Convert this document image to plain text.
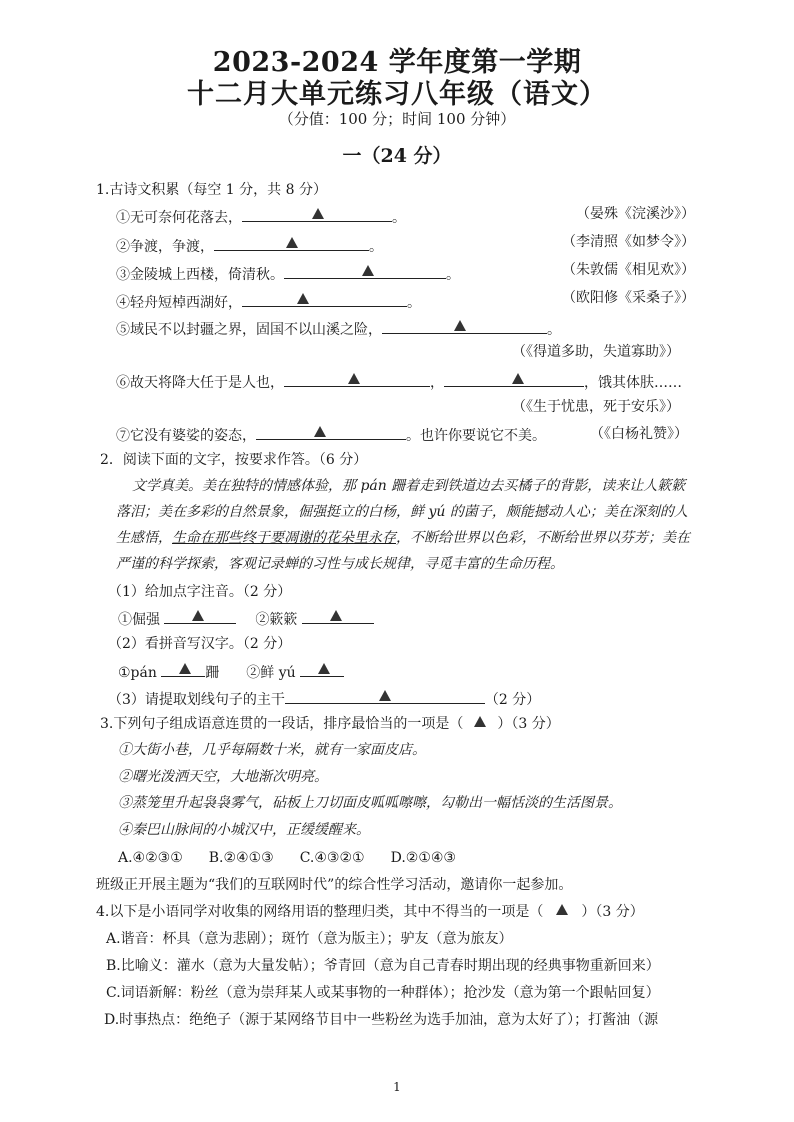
2023-2024 学年度第一学期
十二月大单元练习八年级（语文）
（分值：100 分；时间 100 分钟）
一（24 分）
1.古诗文积累（每空 1 分，共 8 分）
①无可奈何花落去，	。	（晏殊《浣溪沙》）
②争渡，争渡，	。	（李清照《如梦令》）
③金陵城上西楼，倚清秋。	。	（朱敦儒《相见欢》）
④轻舟短棹西湖好，	。	（欧阳修《采桑子》）
⑤域民不以封疆之界，固国不以山溪之险，	。
（《得道多助，失道寡助》）
⑥故天将降大任于是人也，	，	，饿其体肤……
（《生于忧患，死于安乐》）
⑦它没有婆娑的姿态，	。也许你要说它不美。	（《白杨礼赞》）
2．阅读下面的文字，按要求作答。（6 分）
文学真美。美在独特的情感体验，那 pán 跚着走到铁道边去买橘子的背影，读来让人簌簌
落泪；美在多彩的自然景象，倔强挺立的白杨，鲜 yú 的菌子，颇能撼动人心；美在深刻的人
生感悟，生命在那些终于要凋谢的花朵里永存，不断给世界以色彩，不断给世界以芬芳；美在
严谨的科学探索，客观记录蝉的习性与成长规律，寻觅丰富的生命历程。
（1）给加点字注音。（2 分）
①倔强	②簌簌
（2）看拼音写汉字。（2 分）
①pán	跚 ②鲜 yú
（3）请提取划线句子的主干	（2 分）
3.下列句子组成语意连贯的一段话，排序最恰当的一项是（ ）（3 分）
①大街小巷，几乎每隔数十米，就有一家面皮店。
②曙光泼洒天空，大地渐次明亮。
③蒸笼里升起袅袅雾气，砧板上刀切面皮呱呱嚓嚓，勾勒出一幅恬淡的生活图景。
④秦巴山脉间的小城汉中，正缓缓醒来。
A.④②③① B.②④①③ C.④③②① D.②①④③
班级正开展主题为“我们的互联网时代”的综合性学习活动，邀请你一起参加。
4.以下是小语同学对收集的网络用语的整理归类，其中不得当的一项是（	）（3 分）
A.谐音：杯具（意为悲剧）；斑竹（意为版主）；驴友（意为旅友）
B.比喻义：灌水（意为大量发帖）；爷青回（意为自己青春时期出现的经典事物重新回来）
C.词语新解：粉丝（意为崇拜某人或某事物的一种群体）；抢沙发（意为第一个跟帖回复）
D.时事热点：绝绝子（源于某网络节目中一些粉丝为选手加油，意为太好了）；打酱油（源
1
